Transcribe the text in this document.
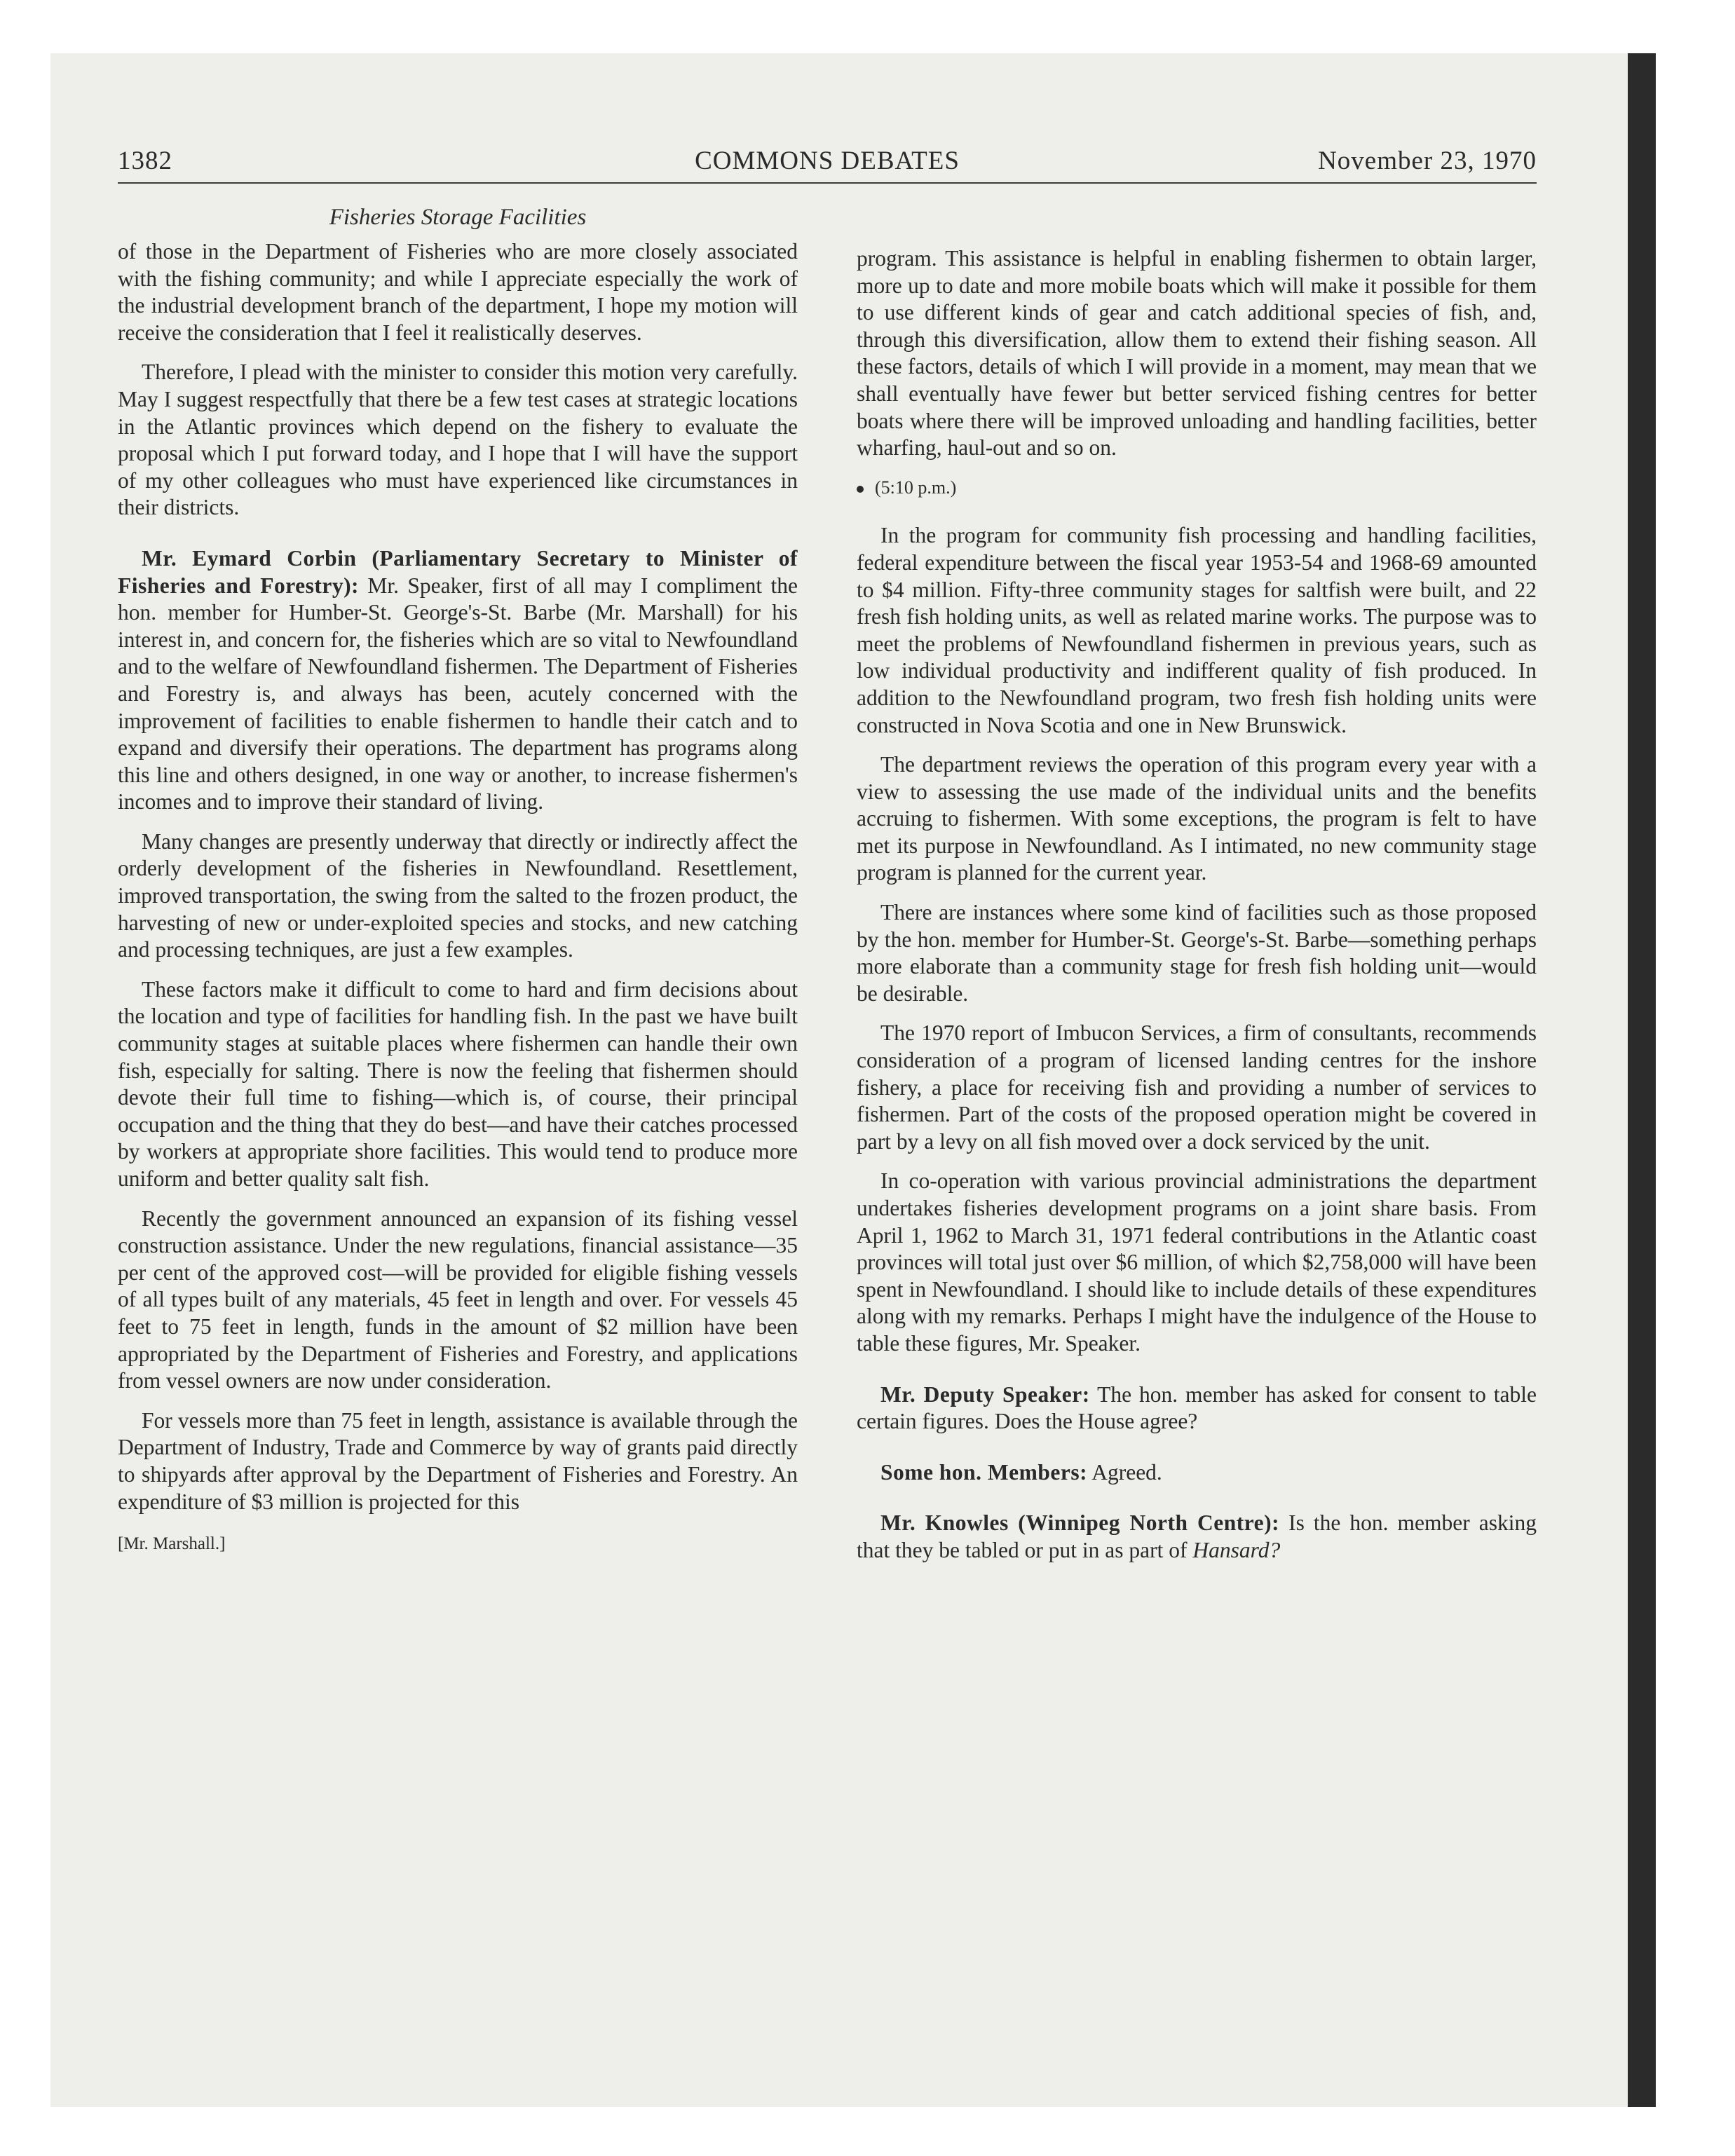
1382	COMMONS DEBATES	November 23, 1970
Fisheries Storage Facilities

of those in the Department of Fisheries who are more closely associated with the fishing community; and while I appreciate especially the work of the industrial development branch of the department, I hope my motion will receive the consideration that I feel it realistically deserves.

Therefore, I plead with the minister to consider this motion very carefully. May I suggest respectfully that there be a few test cases at strategic locations in the Atlantic provinces which depend on the fishery to evaluate the proposal which I put forward today, and I hope that I will have the support of my other colleagues who must have experienced like circumstances in their districts.

Mr. Eymard Corbin (Parliamentary Secretary to Minister of Fisheries and Forestry): Mr. Speaker, first of all may I compliment the hon. member for Humber-St. George's-St. Barbe (Mr. Marshall) for his interest in, and concern for, the fisheries which are so vital to Newfoundland and to the welfare of Newfoundland fishermen. The Department of Fisheries and Forestry is, and always has been, acutely concerned with the improvement of facilities to enable fishermen to handle their catch and to expand and diversify their operations. The department has programs along this line and others designed, in one way or another, to increase fishermen's incomes and to improve their standard of living.

Many changes are presently underway that directly or indirectly affect the orderly development of the fisheries in Newfoundland. Resettlement, improved transportation, the swing from the salted to the frozen product, the harvesting of new or under-exploited species and stocks, and new catching and processing techniques, are just a few examples.

These factors make it difficult to come to hard and firm decisions about the location and type of facilities for handling fish. In the past we have built community stages at suitable places where fishermen can handle their own fish, especially for salting. There is now the feeling that fishermen should devote their full time to fishing—which is, of course, their principal occupation and the thing that they do best—and have their catches processed by workers at appropriate shore facilities. This would tend to produce more uniform and better quality salt fish.

Recently the government announced an expansion of its fishing vessel construction assistance. Under the new regulations, financial assistance—35 per cent of the approved cost—will be provided for eligible fishing vessels of all types built of any materials, 45 feet in length and over. For vessels 45 feet to 75 feet in length, funds in the amount of $2 million have been appropriated by the Department of Fisheries and Forestry, and applications from vessel owners are now under consideration.

For vessels more than 75 feet in length, assistance is available through the Department of Industry, Trade and Commerce by way of grants paid directly to shipyards after approval by the Department of Fisheries and Forestry. An expenditure of $3 million is projected for this

[Mr. Marshall.]

program. This assistance is helpful in enabling fishermen to obtain larger, more up to date and more mobile boats which will make it possible for them to use different kinds of gear and catch additional species of fish, and, through this diversification, allow them to extend their fishing season. All these factors, details of which I will provide in a moment, may mean that we shall eventually have fewer but better serviced fishing centres for better boats where there will be improved unloading and handling facilities, better wharfing, haul-out and so on.

(5:10 p.m.)

In the program for community fish processing and handling facilities, federal expenditure between the fiscal year 1953-54 and 1968-69 amounted to $4 million. Fifty-three community stages for saltfish were built, and 22 fresh fish holding units, as well as related marine works. The purpose was to meet the problems of Newfoundland fishermen in previous years, such as low individual productivity and indifferent quality of fish produced. In addition to the Newfoundland program, two fresh fish holding units were constructed in Nova Scotia and one in New Brunswick.

The department reviews the operation of this program every year with a view to assessing the use made of the individual units and the benefits accruing to fishermen. With some exceptions, the program is felt to have met its purpose in Newfoundland. As I intimated, no new community stage program is planned for the current year.

There are instances where some kind of facilities such as those proposed by the hon. member for Humber-St. George's-St. Barbe—something perhaps more elaborate than a community stage for fresh fish holding unit—would be desirable.

The 1970 report of Imbucon Services, a firm of consultants, recommends consideration of a program of licensed landing centres for the inshore fishery, a place for receiving fish and providing a number of services to fishermen. Part of the costs of the proposed operation might be covered in part by a levy on all fish moved over a dock serviced by the unit.

In co-operation with various provincial administrations the department undertakes fisheries development programs on a joint share basis. From April 1, 1962 to March 31, 1971 federal contributions in the Atlantic coast provinces will total just over $6 million, of which $2,758,000 will have been spent in Newfoundland. I should like to include details of these expenditures along with my remarks. Perhaps I might have the indulgence of the House to table these figures, Mr. Speaker.

Mr. Deputy Speaker: The hon. member has asked for consent to table certain figures. Does the House agree?

Some hon. Members: Agreed.

Mr. Knowles (Winnipeg North Centre): Is the hon. member asking that they be tabled or put in as part of Hansard?
